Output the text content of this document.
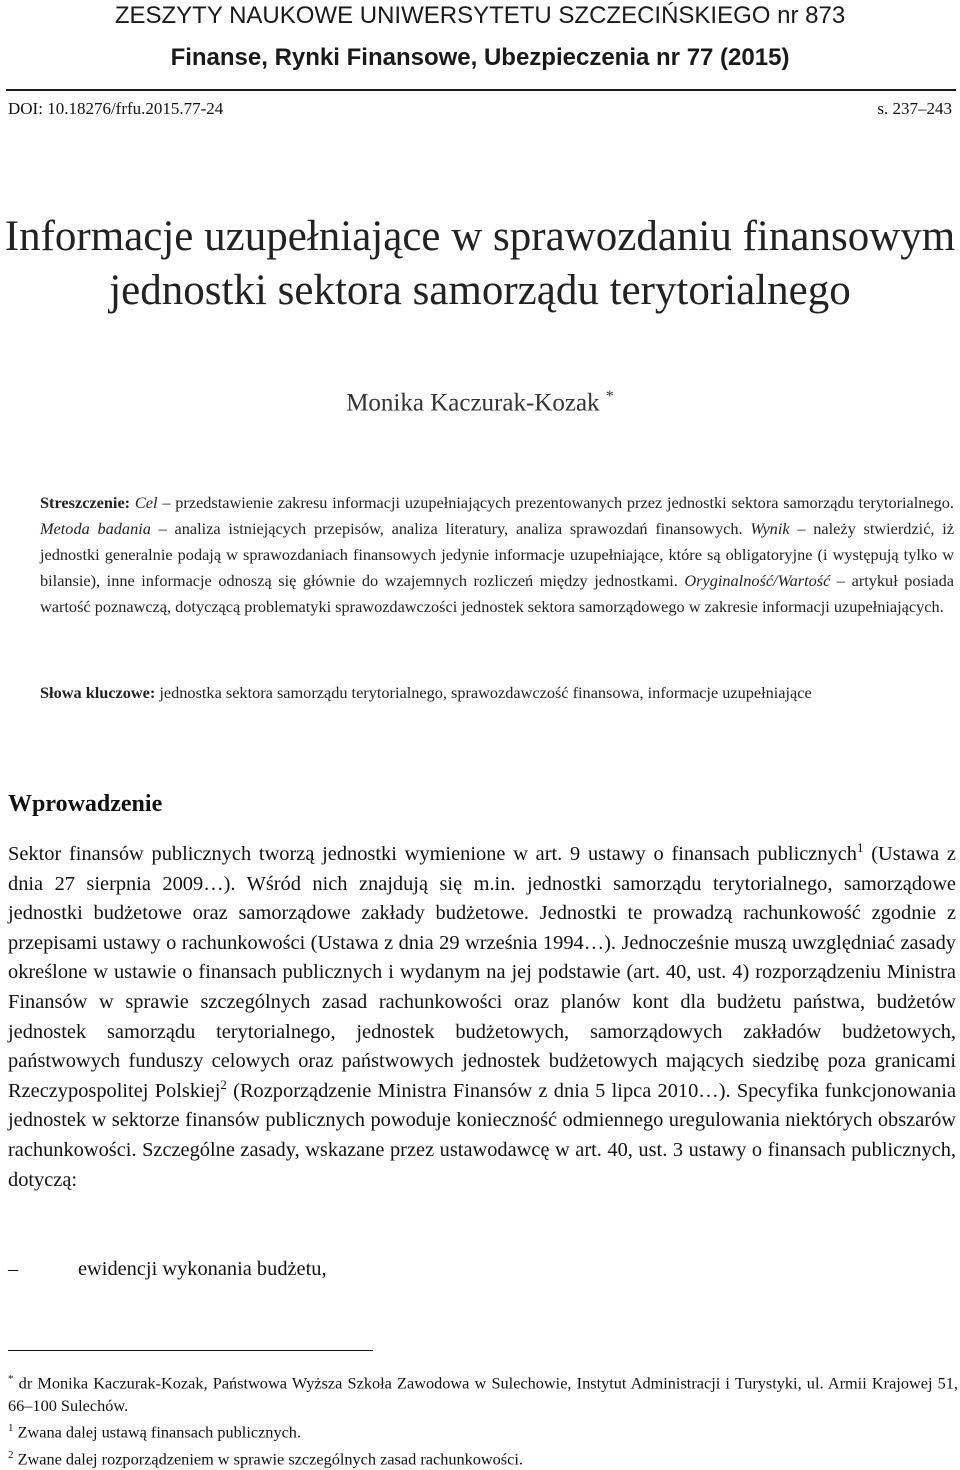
ZESZYTY NAUKOWE UNIWERSYTETU SZCZECIŃSKIEGO nr 873
Finanse, Rynki Finansowe, Ubezpieczenia nr 77 (2015)
DOI: 10.18276/frfu.2015.77-24	s. 237–243
Informacje uzupełniające w sprawozdaniu finansowym jednostki sektora samorządu terytorialnego
Monika Kaczurak-Kozak *
Streszczenie: Cel – przedstawienie zakresu informacji uzupełniających prezentowanych przez jednostki sektora samorządu terytorialnego. Metoda badania – analiza istniejących przepisów, analiza literatury, analiza sprawozdań finansowych. Wynik – należy stwierdzić, iż jednostki generalnie podają w sprawozdaniach finansowych jedynie informacje uzupełniające, które są obligatoryjne (i występują tylko w bilansie), inne informacje odnoszą się głównie do wzajemnych rozliczeń między jednostkami. Oryginalność/Wartość – artykuł posiada wartość poznawczą, dotyczącą problematyki sprawozdawczości jednostek sektora samorządowego w zakresie informacji uzupełniających.
Słowa kluczowe: jednostka sektora samorządu terytorialnego, sprawozdawczość finansowa, informacje uzupełniające
Wprowadzenie
Sektor finansów publicznych tworzą jednostki wymienione w art. 9 ustawy o finansach publicznych$^1$ (Ustawa z dnia 27 sierpnia 2009…). Wśród nich znajdują się m.in. jednostki samorządu terytorialnego, samorządowe jednostki budżetowe oraz samorządowe zakłady budżetowe. Jednostki te prowadzą rachunkowość zgodnie z przepisami ustawy o rachunkowości (Ustawa z dnia 29 września 1994…). Jednocześnie muszą uwzględniać zasady określone w ustawie o finansach publicznych i wydanym na jej podstawie (art. 40, ust. 4) rozporządzeniu Ministra Finansów w sprawie szczególnych zasad rachunkowości oraz planów kont dla budżetu państwa, budżetów jednostek samorządu terytorialnego, jednostek budżetowych, samorządowych zakładów budżetowych, państwowych funduszy celowych oraz państwowych jednostek budżetowych mających siedzibę poza granicami Rzeczypospolitej Polskiej$^2$ (Rozporządzenie Ministra Finansów z dnia 5 lipca 2010…). Specyfika funkcjonowania jednostek w sektorze finansów publicznych powoduje konieczność odmiennego uregulowania niektórych obszarów rachunkowości. Szczególne zasady, wskazane przez ustawodawcę w art. 40, ust. 3 ustawy o finansach publicznych, dotyczą:
–	ewidencji wykonania budżetu,
* dr Monika Kaczurak-Kozak, Państwowa Wyższa Szkoła Zawodowa w Sulechowie, Instytut Administracji i Turystyki, ul. Armii Krajowej 51, 66–100 Sulechów.
$^1$ Zwana dalej ustawą finansach publicznych.
$^2$ Zwane dalej rozporządzeniem w sprawie szczególnych zasad rachunkowości.
